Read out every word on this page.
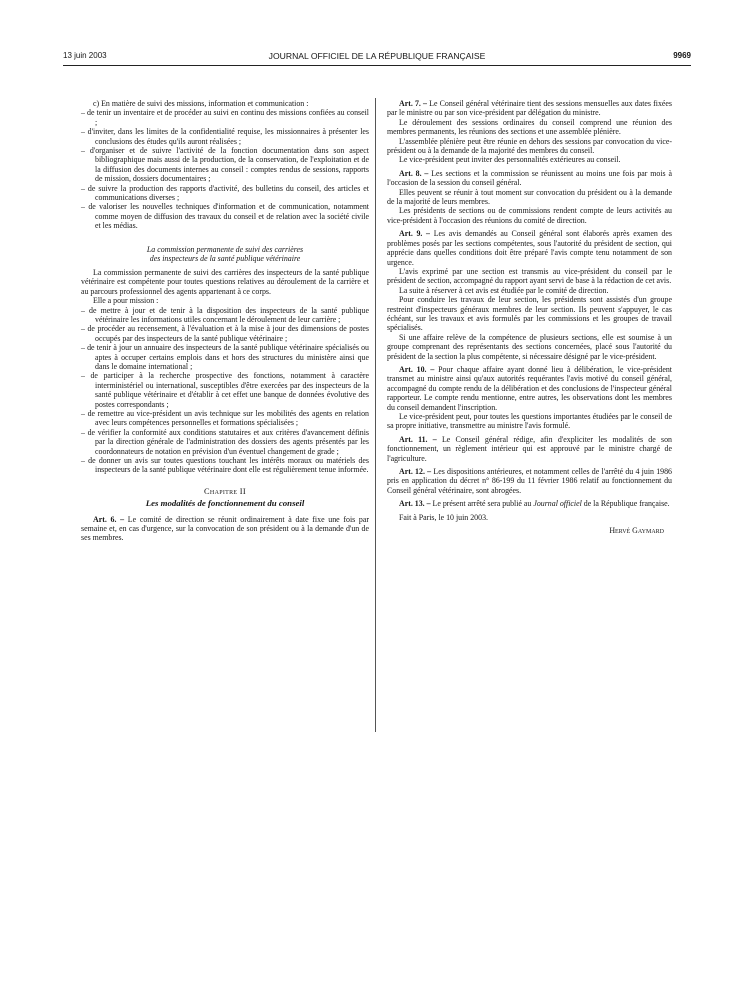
13 juin 2003	JOURNAL OFFICIEL DE LA RÉPUBLIQUE FRANÇAISE	9969

c) En matière de suivi des missions, information et communication :

– de tenir un inventaire et de procéder au suivi en continu des missions confiées au conseil ;

– d'inviter, dans les limites de la confidentialité requise, les missionnaires à présenter les conclusions des études qu'ils auront réalisées ;

– d'organiser et de suivre l'activité de la fonction documentation dans son aspect bibliographique mais aussi de la production, de la conservation, de l'exploitation et de la diffusion des documents internes au conseil : comptes rendus de sessions, rapports de mission, dossiers documentaires ;

– de suivre la production des rapports d'activité, des bulletins du conseil, des articles et communications diverses ;

– de valoriser les nouvelles techniques d'information et de communication, notamment comme moyen de diffusion des travaux du conseil et de relation avec la société civile et les médias.

La commission permanente de suivi des carrières
des inspecteurs de la santé publique vétérinaire

La commission permanente de suivi des carrières des inspecteurs de la santé publique vétérinaire est compétente pour toutes questions relatives au déroulement de la carrière et au parcours professionnel des agents appartenant à ce corps.

Elle a pour mission :

– de mettre à jour et de tenir à la disposition des inspecteurs de la santé publique vétérinaire les informations utiles concernant le déroulement de leur carrière ;

– de procéder au recensement, à l'évaluation et à la mise à jour des dimensions de postes occupés par des inspecteurs de la santé publique vétérinaire ;

– de tenir à jour un annuaire des inspecteurs de la santé publique vétérinaire spécialisés ou aptes à occuper certains emplois dans et hors des structures du ministère ainsi que dans le domaine international ;

– de participer à la recherche prospective des fonctions, notamment à caractère interministériel ou international, susceptibles d'être exercées par des inspecteurs de la santé publique vétérinaire et d'établir à cet effet une banque de données évolutive des postes correspondants ;

– de remettre au vice-président un avis technique sur les mobilités des agents en relation avec leurs compétences personnelles et formations spécialisées ;

– de vérifier la conformité aux conditions statutaires et aux critères d'avancement définis par la direction générale de l'administration des dossiers des agents présentés par les coordonnateurs de notation en prévision d'un éventuel changement de grade ;

– de donner un avis sur toutes questions touchant les intérêts moraux ou matériels des inspecteurs de la santé publique vétérinaire dont elle est régulièrement tenue informée.

Chapitre II
Les modalités de fonctionnement du conseil

Art. 6. – Le comité de direction se réunit ordinairement à date fixe une fois par semaine et, en cas d'urgence, sur la convocation de son président ou à la demande d'un de ses membres.

Art. 7. – Le Conseil général vétérinaire tient des sessions mensuelles aux dates fixées par le ministre ou par son vice-président par délégation du ministre.

Le déroulement des sessions ordinaires du conseil comprend une réunion des membres permanents, les réunions des sections et une assemblée plénière.

L'assemblée plénière peut être réunie en dehors des sessions par convocation du vice-président ou à la demande de la majorité des membres du conseil.

Le vice-président peut inviter des personnalités extérieures au conseil.

Art. 8. – Les sections et la commission se réunissent au moins une fois par mois à l'occasion de la session du conseil général.

Elles peuvent se réunir à tout moment sur convocation du président ou à la demande de la majorité de leurs membres.

Les présidents de sections ou de commissions rendent compte de leurs activités au vice-président à l'occasion des réunions du comité de direction.

Art. 9. – Les avis demandés au Conseil général sont élaborés après examen des problèmes posés par les sections compétentes, sous l'autorité du président de section, qui apprécie dans quelles conditions doit être préparé l'avis compte tenu notamment de son urgence.

L'avis exprimé par une section est transmis au vice-président du conseil par le président de section, accompagné du rapport ayant servi de base à la rédaction de cet avis.

La suite à réserver à cet avis est étudiée par le comité de direction.

Pour conduire les travaux de leur section, les présidents sont assistés d'un groupe restreint d'inspecteurs généraux membres de leur section. Ils peuvent s'appuyer, le cas échéant, sur les travaux et avis formulés par les commissions et les groupes de travail spécialisés.

Si une affaire relève de la compétence de plusieurs sections, elle est soumise à un groupe comprenant des représentants des sections concernées, placé sous l'autorité du président de la section la plus compétente, si nécessaire désigné par le vice-président.

Art. 10. – Pour chaque affaire ayant donné lieu à délibération, le vice-président transmet au ministre ainsi qu'aux autorités requérantes l'avis motivé du conseil général, accompagné du compte rendu de la délibération et des conclusions de l'inspecteur général rapporteur. Le compte rendu mentionne, entre autres, les observations dont les membres du conseil demandent l'inscription.

Le vice-président peut, pour toutes les questions importantes étudiées par le conseil de sa propre initiative, transmettre au ministre l'avis formulé.

Art. 11. – Le Conseil général rédige, afin d'expliciter les modalités de son fonctionnement, un règlement intérieur qui est approuvé par le ministre chargé de l'agriculture.

Art. 12. – Les dispositions antérieures, et notamment celles de l'arrêté du 4 juin 1986 pris en application du décret n° 86-199 du 11 février 1986 relatif au fonctionnement du Conseil général vétérinaire, sont abrogées.

Art. 13. – Le présent arrêté sera publié au Journal officiel de la République française.

Fait à Paris, le 10 juin 2003.

Hervé Gaymard
